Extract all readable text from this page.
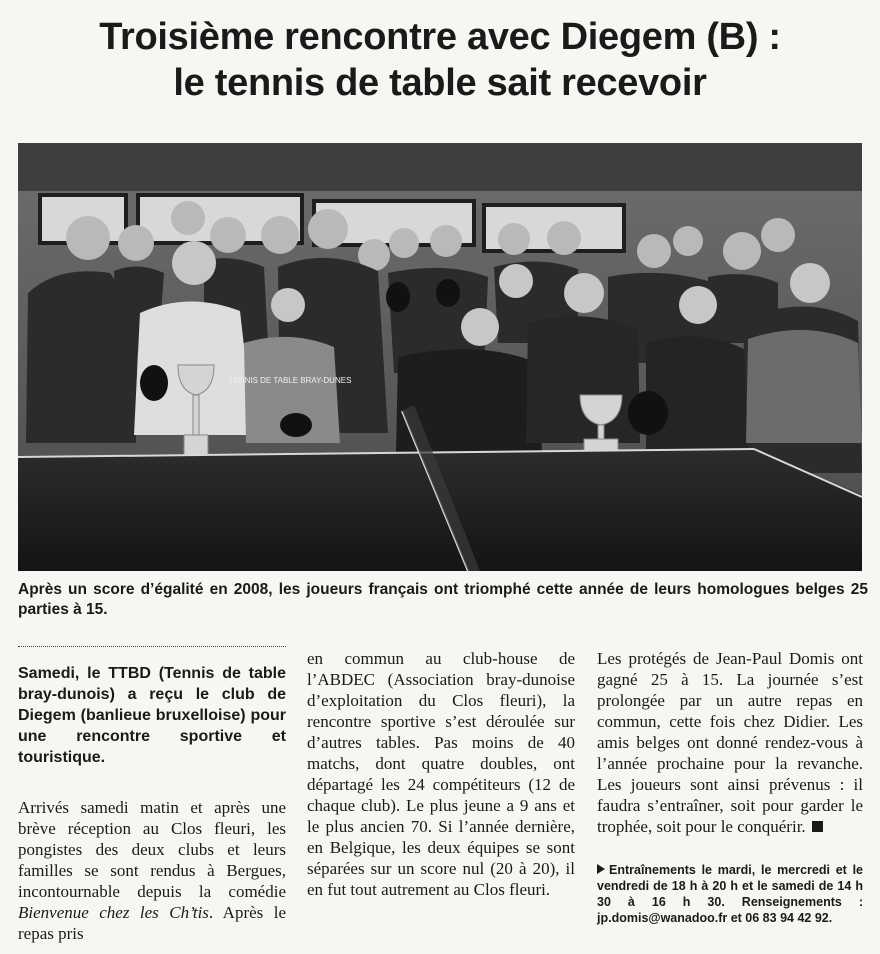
Troisième rencontre avec Diegem (B) :
le tennis de table sait recevoir
TENNIS DE TABLE BRAY-DUNES
Après un score d’égalité en 2008, les joueurs français ont triomphé cette année de leurs homologues belges 25 parties à 15.
Samedi, le TTBD (Tennis de table bray-dunois) a reçu le club de Diegem (banlieue bruxelloise) pour une rencontre sportive et touristique.

Arrivés samedi matin et après une brève réception au Clos fleuri, les pongistes des deux clubs et leurs familles se sont rendus à Bergues, incontournable depuis la comédie Bienvenue chez les Ch’tis. Après le repas pris

en commun au club-house de l’ABDEC (Association bray-dunoise d’exploitation du Clos fleuri), la rencontre sportive s’est déroulée sur d’autres tables. Pas moins de 40 matchs, dont quatre doubles, ont départagé les 24 compétiteurs (12 de chaque club). Le plus jeune a 9 ans et le plus ancien 70. Si l’année dernière, en Belgique, les deux équipes se sont séparées sur un score nul (20 à 20), il en fut tout autrement au Clos fleuri.

Les protégés de Jean-Paul Domis ont gagné 25 à 15. La journée s’est prolongée par un autre repas en commun, cette fois chez Didier. Les amis belges ont donné rendez-vous à l’année prochaine pour la revanche. Les joueurs sont ainsi prévenus : il faudra s’entraîner, soit pour garder le trophée, soit pour le conquérir.

Entraînements le mardi, le mercredi et le vendredi de 18 h à 20 h et le samedi de 14 h 30 à 16 h 30. Renseignements : jp.domis@wanadoo.fr et 06 83 94 42 92.
